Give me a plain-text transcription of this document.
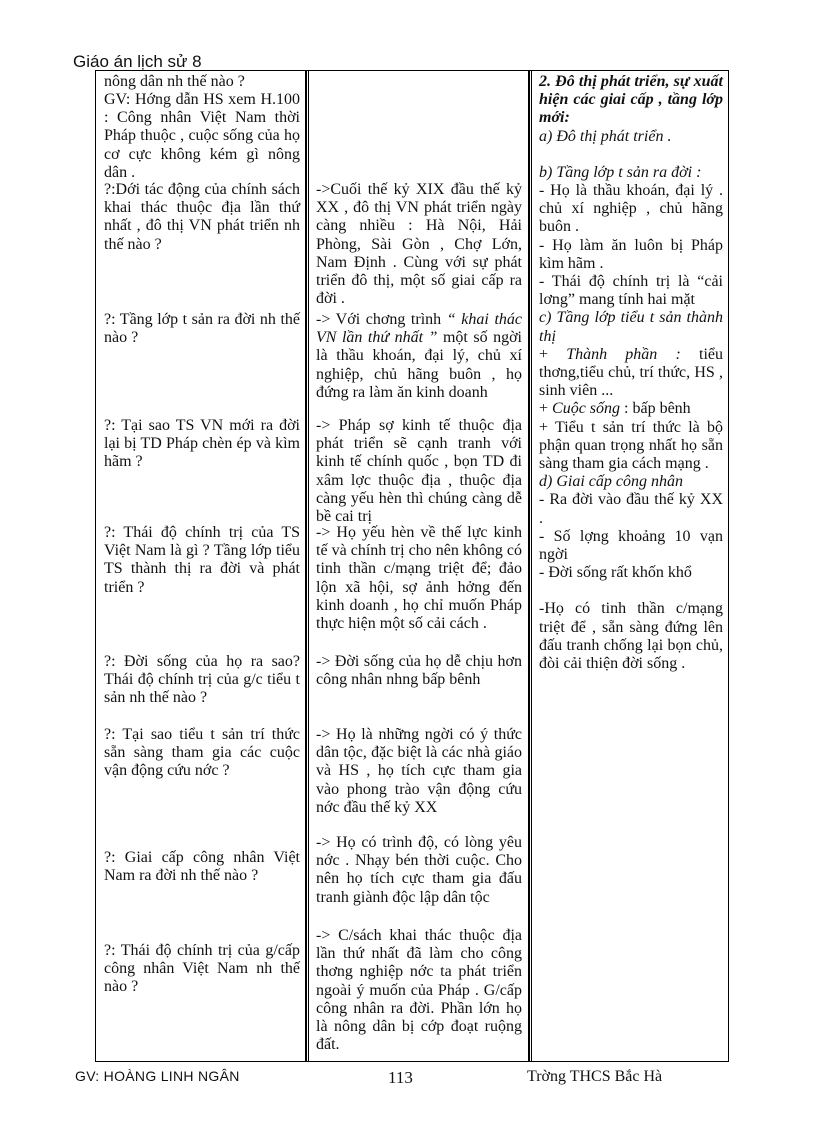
Giáo án lịch sử 8
nông dân nh thế nào ?
GV: Hớng dẫn HS xem H.100 : Công nhân Việt Nam thời Pháp thuộc , cuộc sống của họ cơ cực không kém gì nông dân .
?:Dới tác động của chính sách khai thác thuộc địa lần thứ nhất , đô thị VN phát triển nh thế nào ?
?: Tầng lớp t sản ra đời nh thế nào ?
?: Tại sao TS VN mới ra đời lại bị TD Pháp chèn ép và kìm hãm ?
?: Thái độ chính trị của TS Việt Nam là gì ? Tầng lớp tiểu TS thành thị ra đời và phát triển ?
?: Đời sống của họ ra sao? Thái độ chính trị của g/c tiểu t sản nh thế nào ?
?: Tại sao tiểu t sản trí thức sẵn sàng tham gia các cuộc vận động cứu nớc ?
?: Giai cấp công nhân Việt Nam ra đời nh thế nào ?
?: Thái độ chính trị của g/cấp công nhân Việt Nam nh thế nào ?
->Cuối thế kỷ XIX đầu thế kỷ XX , đô thị VN phát triển ngày càng nhiều : Hà Nội, Hải Phòng, Sài Gòn , Chợ Lớn, Nam Định . Cùng với sự phát triển đô thị, một số giai cấp ra đời .
-> Với chơng trình “ khai thác VN lần thứ nhất ” một số ngời là thầu khoán, đại lý, chủ xí nghiệp, chủ hãng buôn , họ đứng ra làm ăn kinh doanh
-> Pháp sợ kinh tế thuộc địa phát triển sẽ cạnh tranh với kinh tế chính quốc , bọn TD đi xâm lợc thuộc địa , thuộc địa càng yếu hèn thì chúng càng dễ bề cai trị
-> Họ yếu hèn về thế lực kinh tế và chính trị cho nên không có tinh thần c/mạng triệt để; đảo lộn xã hội, sợ ảnh hởng đến kinh doanh , họ chỉ muốn Pháp thực hiện một số cải cách .
-> Đời sống của họ dễ chịu hơn công nhân nhng bấp bênh
-> Họ là những ngời có ý thức dân tộc, đặc biệt là các nhà giáo và HS , họ tích cực tham gia vào phong trào vận động cứu nớc đầu thế kỷ XX
-> Họ có trình độ, có lòng yêu nớc . Nhạy bén thời cuộc. Cho nên họ tích cực tham gia đấu tranh giành độc lập dân tộc
-> C/sách khai thác thuộc địa lần thứ nhất đã làm cho công thơng nghiệp nớc ta phát triển ngoài ý muốn của Pháp . G/cấp công nhân ra đời. Phần lớn họ là nông dân bị cớp đoạt ruộng đất.

2. Đô thị phát triển, sự xuất hiện các giai cấp , tầng lớp mới:

a) Đô thị phát triển .

b) Tầng lớp t sản ra đời :

- Họ là thầu khoán, đại lý . chủ xí nghiệp , chủ hãng buôn .

- Họ làm ăn luôn bị Pháp kìm hãm .

- Thái độ chính trị là “cải lơng” mang tính hai mặt

c) Tầng lớp tiểu t sản thành thị

+ Thành phần : tiểu thơng,tiểu chủ, trí thức, HS , sinh viên ...

+ Cuộc sống : bấp bênh

+ Tiểu t sản trí thức là bộ phận quan trọng nhất họ sẵn sàng tham gia cách mạng .

d) Giai cấp công nhân

- Ra đời vào đầu thế kỷ XX .

- Số lợng khoảng 10 vạn ngời

- Đời sống rất khốn khổ

-Họ có tinh thần c/mạng triệt để , sẵn sàng đứng lên đấu tranh chống lại bọn chủ, đòi cải thiện đời sống .

GV: HOÀNG LINH NGÂN	113	Trờng THCS Bắc Hà
